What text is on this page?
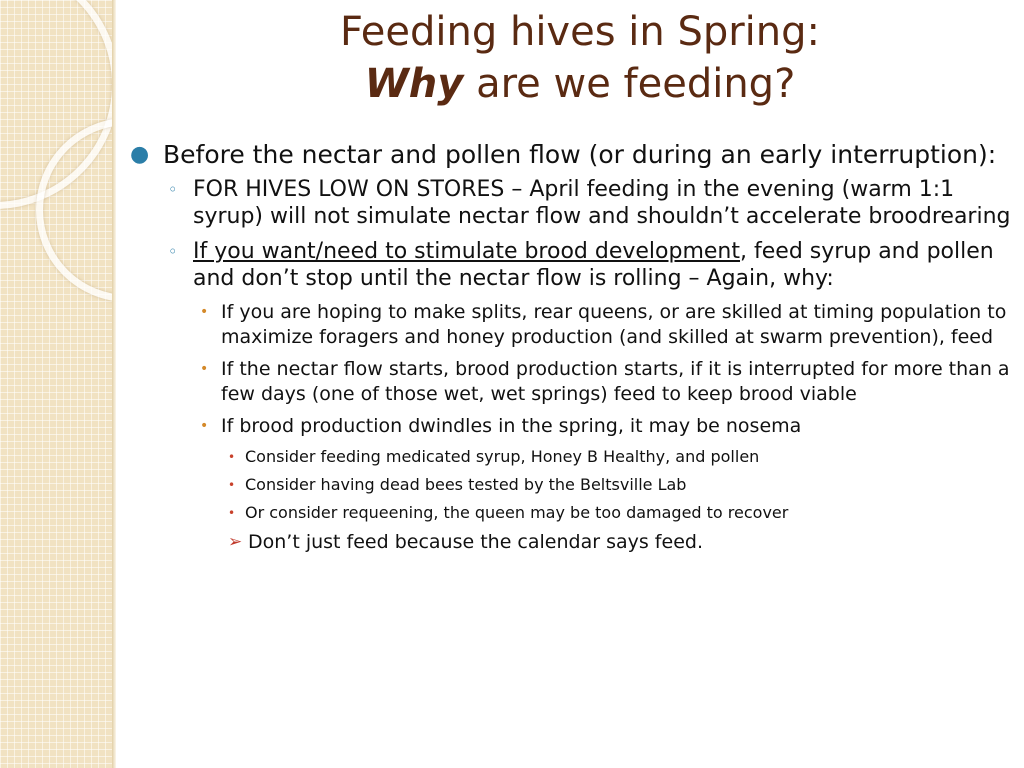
Feeding hives in Spring:
Why are we feeding?
● Before the nectar and pollen flow (or during an early interruption):
◦ FOR HIVES LOW ON STORES – April feeding in the evening (warm 1:1 syrup) will not simulate nectar flow and shouldn’t accelerate broodrearing
◦ If you want/need to stimulate brood development, feed syrup and pollen and don’t stop until the nectar flow is rolling – Again, why:
• If you are hoping to make splits, rear queens, or are skilled at timing population to maximize foragers and honey production (and skilled at swarm prevention), feed
• If the nectar flow starts, brood production starts, if it is interrupted for more than a few days (one of those wet, wet springs) feed to keep brood viable
• If brood production dwindles in the spring, it may be nosema
• Consider feeding medicated syrup, Honey B Healthy, and pollen
• Consider having dead bees tested by the Beltsville Lab
• Or consider requeening, the queen may be too damaged to recover
➢ Don’t just feed because the calendar says feed.
